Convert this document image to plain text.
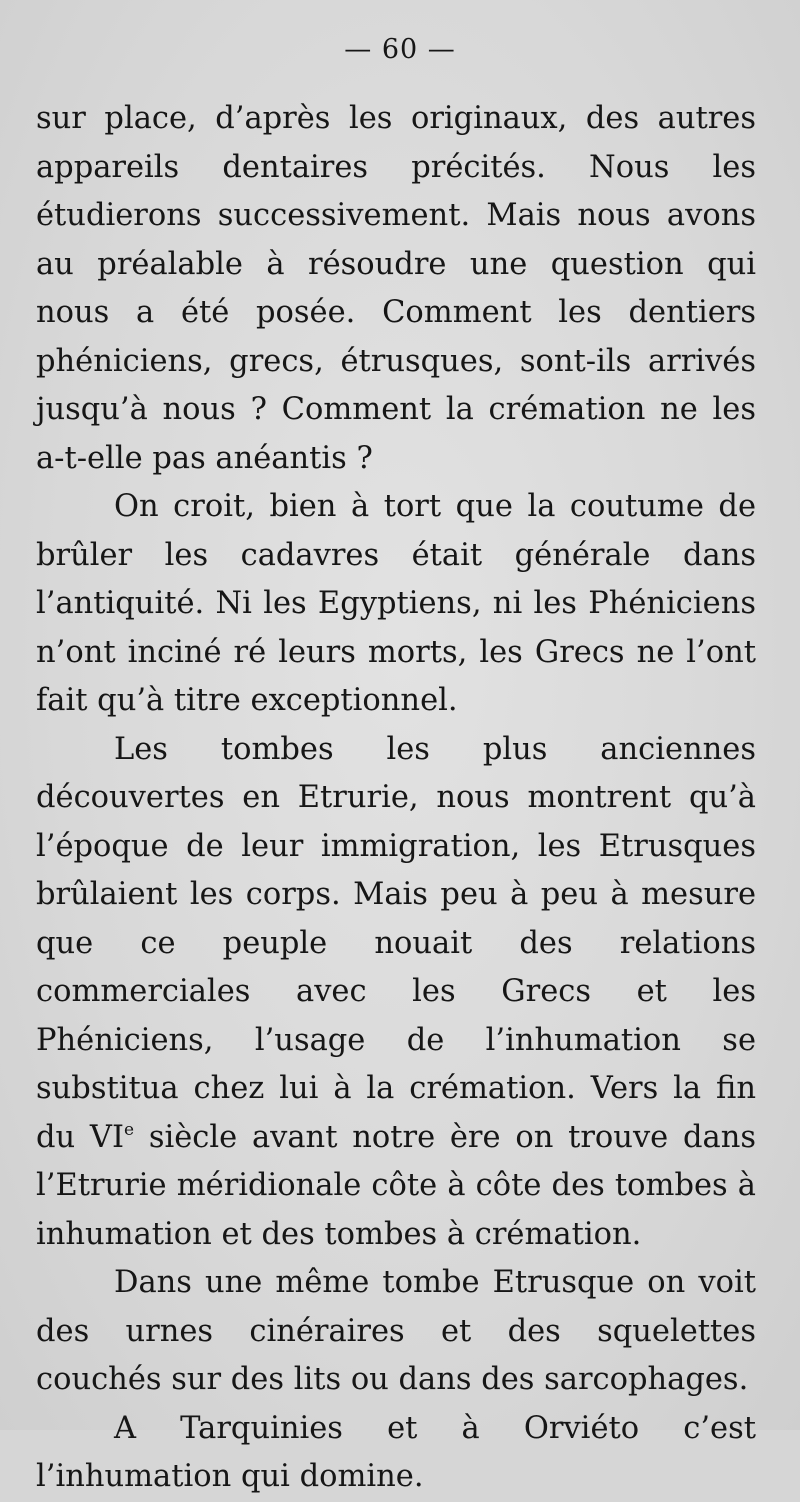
— 60 —

sur place, d’après les originaux, des autres appareils dentaires précités. Nous les étudierons successivement. Mais nous avons au préalable à résoudre une question qui nous a été posée. Comment les dentiers phéniciens, grecs, étrusques, sont-ils arrivés jusqu’à nous ? Comment la crémation ne les a-t-elle pas anéantis ?

On croit, bien à tort que la coutume de brûler les cadavres était générale dans l’antiquité. Ni les Egyptiens, ni les Phéniciens n’ont inciné ré leurs morts, les Grecs ne l’ont fait qu’à titre exceptionnel.

Les tombes les plus anciennes découvertes en Etrurie, nous montrent qu’à l’époque de leur immigration, les Etrusques brûlaient les corps. Mais peu à peu à mesure que ce peuple nouait des relations commerciales avec les Grecs et les Phéniciens, l’usage de l’inhumation se substitua chez lui à la crémation. Vers la fin du VIe siècle avant notre ère on trouve dans l’Etrurie méridionale côte à côte des tombes à inhumation et des tombes à crémation.

Dans une même tombe Etrusque on voit des urnes cinéraires et des squelettes couchés sur des lits ou dans des sarcophages.

A Tarquinies et à Orviéto c’est l’inhumation qui domine.
